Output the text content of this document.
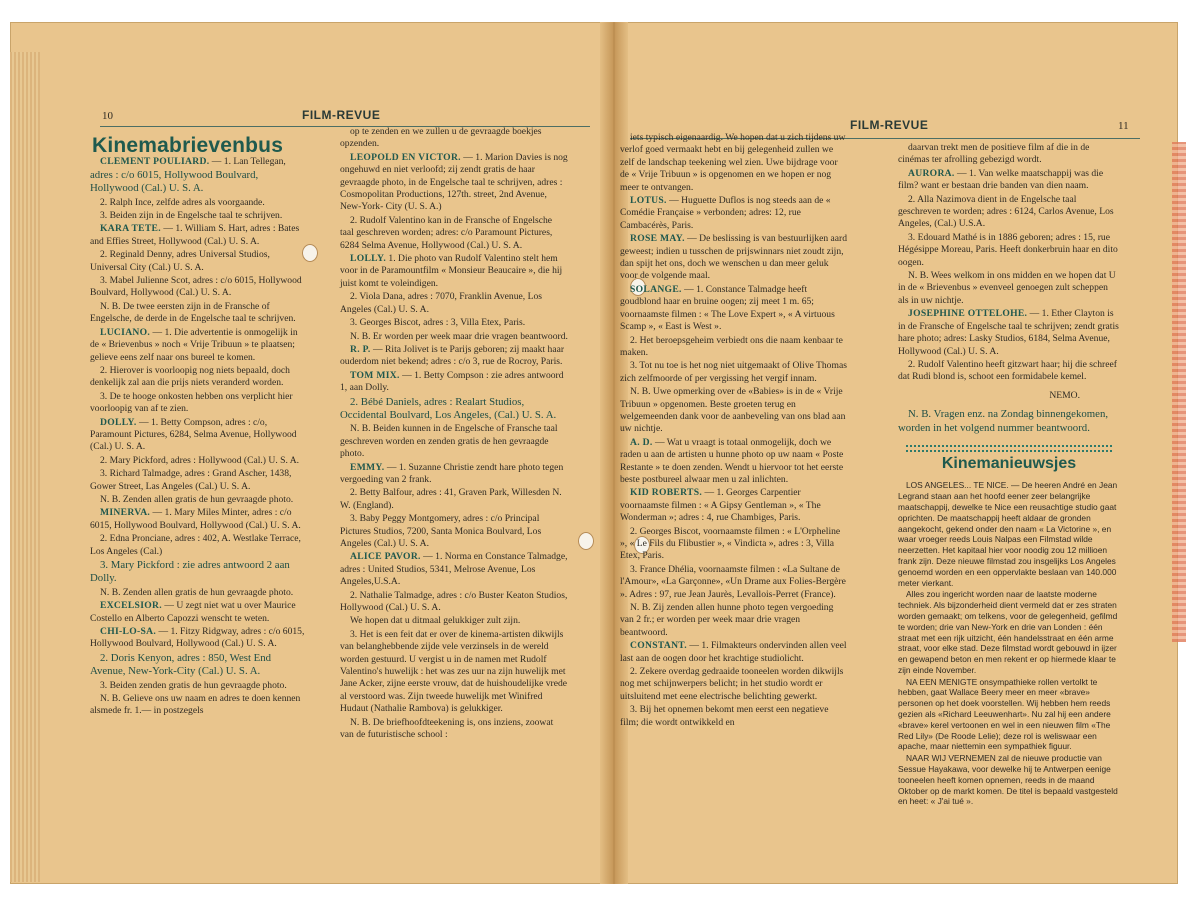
10	FILM-REVUE
FILM-REVUE	11
Kinemabrievenbus

CLEMENT POULIARD. — 1. Lan Tellegan, adres : c/o 6015, Hollywood Boulvard, Hollywood (Cal.) U. S. A.

2. Ralph Ince, zelfde adres als voorgaande.

3. Beiden zijn in de Engelsche taal te schrijven.

KARA TETE. — 1. William S. Hart, adres : Bates and Effies Street, Hollywood (Cal.) U. S. A.

2. Reginald Denny, adres Universal Studios, Universal City (Cal.) U. S. A.

3. Mabel Julienne Scot, adres : c/o 6015, Hollywood Boulvard, Hollywood (Cal.) U. S. A.

N. B. De twee eersten zijn in de Fransche of Engelsche, de derde in de Engelsche taal te schrijven.

LUCIANO. — 1. Die advertentie is onmogelijk in de « Brievenbus » noch « Vrije Tribuun » te plaatsen; gelieve eens zelf naar ons bureel te komen.

2. Hierover is voorloopig nog niets bepaald, doch denkelijk zal aan die prijs niets veranderd worden.

3. De te hooge onkosten hebben ons verplicht hier voorloopig van af te zien.

DOLLY. — 1. Betty Compson, adres : c/o, Paramount Pictures, 6284, Selma Avenue, Hollywood (Cal.) U. S. A.

2. Mary Pickford, adres : Hollywood (Cal.) U. S. A.

3. Richard Talmadge, adres : Grand Ascher, 1438, Gower Street, Las Angeles (Cal.) U. S. A.

N. B. Zenden allen gratis de hun gevraagde photo.

MINERVA. — 1. Mary Miles Minter, adres : c/o 6015, Hollywood Boulvard, Hollywood (Cal.) U. S. A.

2. Edna Pronciane, adres : 402, A. Westlake Terrace, Los Angeles (Cal.)

3. Mary Pickford : zie adres antwoord 2 aan Dolly.

N. B. Zenden allen gratis de hun gevraagde photo.

EXCELSIOR. — U zegt niet wat u over Maurice Costello en Alberto Capozzi wenscht te weten.

CHI-LO-SA. — 1. Fitzy Ridgway, adres : c/o 6015, Hollywood Boulvard, Hollywood (Cal.) U. S. A.

2. Doris Kenyon, adres : 850, West End Avenue, New-York-City (Cal.) U. S. A.

3. Beiden zenden gratis de hun gevraagde photo.

N. B. Gelieve ons uw naam en adres te doen kennen alsmede fr. 1.— in postzegels

op te zenden en we zullen u de gevraagde boekjes opzenden.

LEOPOLD EN VICTOR. — 1. Marion Davies is nog ongehuwd en niet verloofd; zij zendt gratis de haar gevraagde photo, in de Engelsche taal te schrijven, adres : Cosmopolitan Productions, 127th. street, 2nd Avenue, New-York- City (U. S. A.)

2. Rudolf Valentino kan in de Fransche of Engelsche taal geschreven worden; adres: c/o Paramount Pictures, 6284 Selma Avenue, Hollywood (Cal.) U. S. A.

LOLLY. 1. Die photo van Rudolf Valentino stelt hem voor in de Paramountfilm « Monsieur Beaucaire », die hij juist komt te voleindigen.

2. Viola Dana, adres : 7070, Franklin Avenue, Los Angeles (Cal.) U. S. A.

3. Georges Biscot, adres : 3, Villa Etex, Paris.

N. B. Er worden per week maar drie vragen beantwoord.

R. P. — Rita Jolivet is te Parijs geboren; zij maakt haar ouderdom niet bekend; adres : c/o 3, rue de Rocroy, Paris.

TOM MIX. — 1. Betty Compson : zie adres antwoord 1, aan Dolly.

2. Bébé Daniels, adres : Realart Studios, Occidental Boulvard, Los Angeles, (Cal.) U. S. A.

N. B. Beiden kunnen in de Engelsche of Fransche taal geschreven worden en zenden gratis de hen gevraagde photo.

EMMY. — 1. Suzanne Christie zendt hare photo tegen vergoeding van 2 frank.

2. Betty Balfour, adres : 41, Graven Park, Willesden N. W. (England).

3. Baby Peggy Montgomery, adres : c/o Principal Pictures Studios, 7200, Santa Monica Boulvard, Los Angeles (Cal.) U. S. A.

ALICE PAVOR. — 1. Norma en Constance Talmadge, adres : United Studios, 5341, Melrose Avenue, Los Angeles,U.S.A.

2. Nathalie Talmadge, adres : c/o Buster Keaton Studios, Hollywood (Cal.) U. S. A.

We hopen dat u ditmaal gelukkiger zult zijn.

3. Het is een feit dat er over de kinema-artisten dikwijls van belanghebbende zijde vele verzinsels in de wereld worden gestuurd. U vergist u in de namen met Rudolf Valentino's huwelijk : het was zes uur na zijn huwelijk met Jane Acker, zijne eerste vrouw, dat de huishoudelijke vrede al verstoord was. Zijn tweede huwelijk met Winifred Hudaut (Nathalie Rambova) is gelukkiger.

N. B. De briefhoofdteekening is, ons inziens, zoowat van de futuristische school :

iets typisch eigenaardig. We hopen dat u zich tijdens uw verlof goed vermaakt hebt en bij gelegenheid zullen we zelf de landschap teekening wel zien. Uwe bijdrage voor de « Vrije Tribuun » is opgenomen en we hopen er nog meer te ontvangen.

LOTUS. — Huguette Duflos is nog steeds aan de « Comédie Française » verbonden; adres: 12, rue Cambacérès, Paris.

ROSE MAY. — De beslissing is van bestuurlijken aard geweest; indien u tusschen de prijswinnars niet zoudt zijn, dan spijt het ons, doch we wenschen u dan meer geluk voor de volgende maal.

SOLANGE. — 1. Constance Talmadge heeft goudblond haar en bruine oogen; zij meet 1 m. 65; voornaamste filmen : « The Love Expert », « A virtuous Scamp », « East is West ».

2. Het beroepsgeheim verbiedt ons die naam kenbaar te maken.

3. Tot nu toe is het nog niet uitgemaakt of Olive Thomas zich zelfmoorde of per vergissing het vergif innam.

N. B. Uwe opmerking over de «Babies» is in de « Vrije Tribuun » opgenomen. Beste groeten terug en welgemeenden dank voor de aanbeveling van ons blad aan uw nichtje.

A. D. — Wat u vraagt is totaal onmogelijk, doch we raden u aan de artisten u hunne photo op uw naam « Poste Restante » te doen zenden. Wendt u hiervoor tot het eerste beste postbureel alwaar men u zal inlichten.

KID ROBERTS. — 1. Georges Carpentier voornaamste filmen : « A Gipsy Gentleman », « The Wonderman »; adres : 4, rue Chambiges, Paris.

2. Georges Biscot, voornaamste filmen : « L'Orpheline », « Le Fils du Flibustier », « Vindicta », adres : 3, Villa Etex, Paris.

3. France Dhélia, voornaamste filmen : «La Sultane de l'Amour», «La Garçonne», «Un Drame aux Folies-Bergère ». Adres : 97, rue Jean Jaurès, Levallois-Perret (France).

N. B. Zij zenden allen hunne photo tegen vergoeding van 2 fr.; er worden per week maar drie vragen beantwoord.

CONSTANT. — 1. Filmakteurs ondervinden allen veel last aan de oogen door het krachtige studiolicht.

2. Zekere overdag gedraaide tooneelen worden dikwijls nog met schijnwerpers belicht; in het studio wordt er uitsluitend met eene electrische belichting gewerkt.

3. Bij het opnemen bekomt men eerst een negatieve film; die wordt ontwikkeld en

daarvan trekt men de positieve film af die in de cinémas ter afrolling gebezigd wordt.

AURORA. — 1. Van welke maatschappij was die film? want er bestaan drie banden van dien naam.

2. Alla Nazimova dient in de Engelsche taal geschreven te worden; adres : 6124, Carlos Avenue, Los Angeles, (Cal.) U.S.A.

3. Edouard Mathé is in 1886 geboren; adres : 15, rue Hégésippe Moreau, Paris. Heeft donkerbruin haar en dito oogen.

N. B. Wees welkom in ons midden en we hopen dat U in de « Brievenbus » evenveel genoegen zult scheppen als in uw nichtje.

JOSEPHINE OTTELOHE. — 1. Ether Clayton is in de Fransche of Engelsche taal te schrijven; zendt gratis hare photo; adres: Lasky Studios, 6184, Selma Avenue, Hollywood (Cal.) U. S. A.

2. Rudolf Valentino heeft gitzwart haar; hij die schreef dat Rudi blond is, schoot een formidabele kemel.

NEMO.

N. B. Vragen enz. na Zondag binnengekomen, worden in het volgend nummer beantwoord.

Kinemanieuwsjes

LOS ANGELES... TE NICE. — De heeren André en Jean Legrand staan aan het hoofd eener zeer belangrijke maatschappij, dewelke te Nice een reusachtige studio gaat oprichten. De maatschappij heeft aldaar de gronden aangekocht, gekend onder den naam « La Victorine », en waar vroeger reeds Louis Nalpas een Filmstad wilde neerzetten. Het kapitaal hier voor noodig zou 12 millioen frank zijn. Deze nieuwe filmstad zou insgelijks Los Angeles genoemd worden en een oppervlakte beslaan van 140.000 meter vierkant.

Alles zou ingericht worden naar de laatste moderne techniek. Als bijzonderheid dient vermeld dat er zes straten worden gemaakt; om telkens, voor de gelegenheid, gefilmd te worden; drie van New-York en drie van Londen : één straat met een rijk uitzicht, één handelsstraat en één arme straat, voor elke stad. Deze filmstad wordt gebouwd in ijzer en gewapend beton en men rekent er op hiermede klaar te zijn einde November.

NA EEN MENIGTE onsympathieke rollen vertolkt te hebben, gaat Wallace Beery meer en meer «brave» personen op het doek voorstellen. Wij hebben hem reeds gezien als «Richard Leeuwenhart». Nu zal hij een andere «brave» kerel vertoonen en wel in een nieuwen film «The Red Lily» (De Roode Lelie); deze rol is weliswaar een apache, maar niettemin een sympathiek figuur.

NAAR WIJ VERNEMEN zal de nieuwe productie van Sessue Hayakawa, voor dewelke hij te Antwerpen eenige tooneelen heeft komen opnemen, reeds in de maand Oktober op de markt komen. De titel is bepaald vastgesteld en heet: « J'ai tué ».
